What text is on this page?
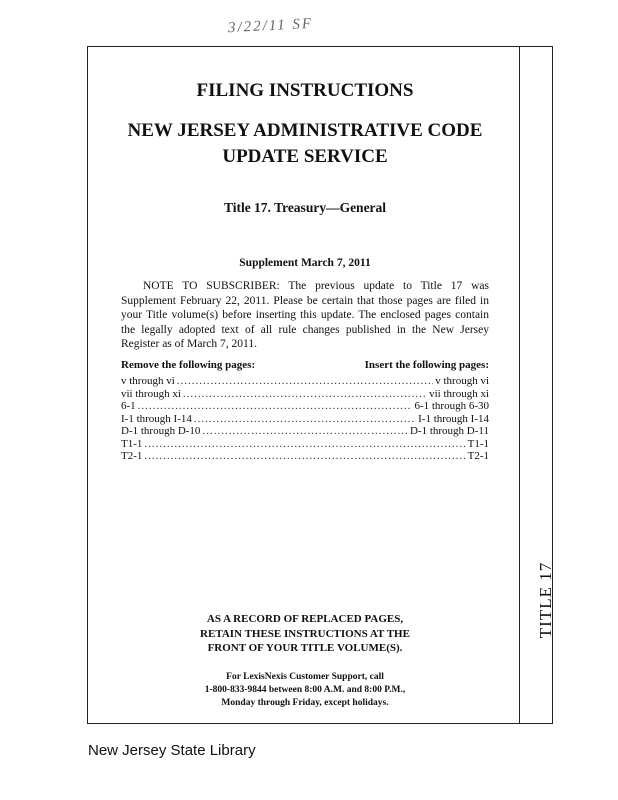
3/22/11 SF
TITLE 17
FILING INSTRUCTIONS
NEW JERSEY ADMINISTRATIVE CODE
UPDATE SERVICE
Title 17. Treasury—General
Supplement March 7, 2011
NOTE TO SUBSCRIBER: The previous update to Title 17 was Supplement February 22, 2011. Please be certain that those pages are filed in your Title volume(s) before inserting this update. The enclosed pages contain the legally adopted text of all rule changes published in the New Jersey Register as of March 7, 2011.
Remove the following pages:	Insert the following pages:
v through vi .....	v through vi
vii through xi .....	vii through xi
6-1 .....	6-1 through 6-30
I-1 through I-14 .....	I-1 through I-14
D-1 through D-10 .....	D-1 through D-11
T1-1 .....	T1-1
T2-1 .....	T2-1
AS A RECORD OF REPLACED PAGES,
RETAIN THESE INSTRUCTIONS AT THE
FRONT OF YOUR TITLE VOLUME(S).
For LexisNexis Customer Support, call
1-800-833-9844 between 8:00 A.M. and 8:00 P.M.,
Monday through Friday, except holidays.
New Jersey State Library
